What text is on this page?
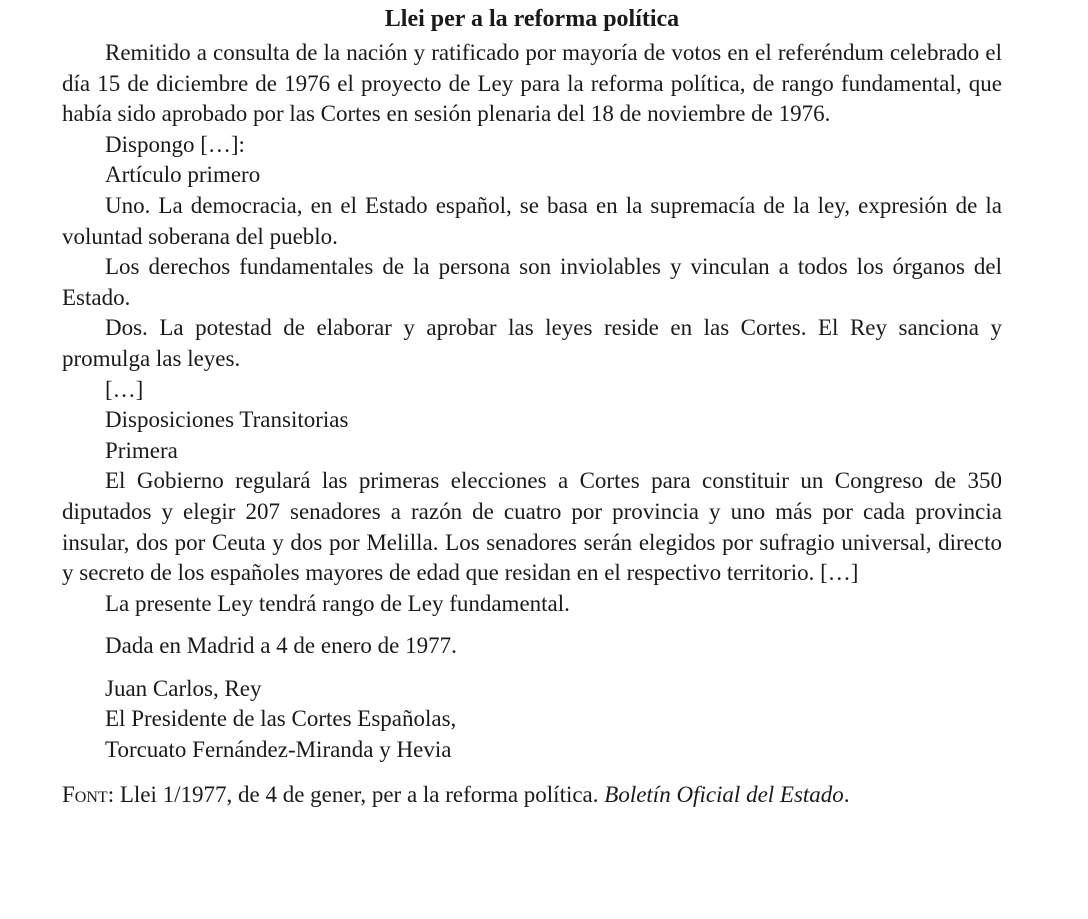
Llei per a la reforma política

Remitido a consulta de la nación y ratificado por mayoría de votos en el referéndum celebrado el día 15 de diciembre de 1976 el proyecto de Ley para la reforma política, de rango fundamental, que había sido aprobado por las Cortes en sesión plenaria del 18 de noviembre de 1976.

Dispongo […]:
Artículo primero

Uno. La democracia, en el Estado español, se basa en la supremacía de la ley, expresión de la voluntad soberana del pueblo.

Los derechos fundamentales de la persona son inviolables y vinculan a todos los órganos del Estado.

Dos. La potestad de elaborar y aprobar las leyes reside en las Cortes. El Rey sanciona y promulga las leyes.

[…]
Disposiciones Transitorias
Primera

El Gobierno regulará las primeras elecciones a Cortes para constituir un Congreso de 350 diputados y elegir 207 senadores a razón de cuatro por provincia y uno más por cada provincia insular, dos por Ceuta y dos por Melilla. Los senadores serán elegidos por sufragio universal, directo y secreto de los españoles mayores de edad que residan en el respectivo territorio. […]

La presente Ley tendrá rango de Ley fundamental.
Dada en Madrid a 4 de enero de 1977.
Juan Carlos, Rey
El Presidente de las Cortes Españolas,
Torcuato Fernández-Miranda y Hevia
Font: Llei 1/1977, de 4 de gener, per a la reforma política. Boletín Oficial del Estado.
